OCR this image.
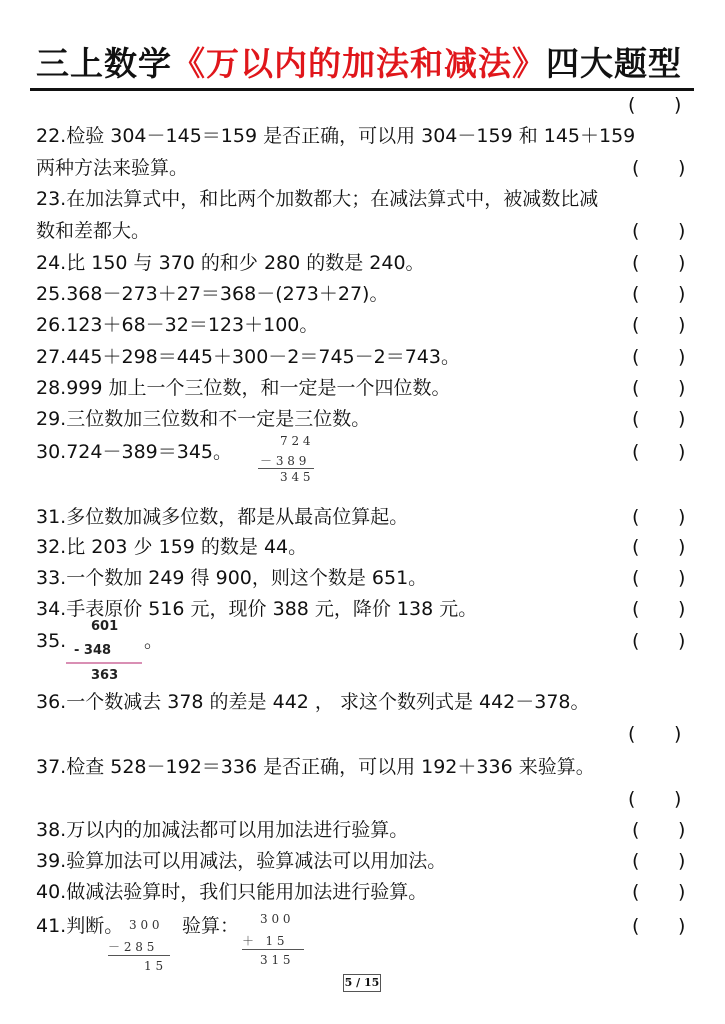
三上数学《万以内的加法和减法》四大题型
( )
22.检验 304－145＝159 是否正确，可以用 304－159 和 145＋159
两种方法来验算。	( )
23.在加法算式中，和比两个加数都大；在减法算式中，被减数比减
数和差都大。	( )
24.比 150 与 370 的和少 280 的数是 240。	( )
25.368－273＋27＝368－(273＋27)。	( )
26.123＋68－32＝123＋100。	( )
27.445＋298＝445＋300－2＝745－2＝743。	( )
28.999 加上一个三位数，和一定是一个四位数。	( )
29.三位数加三位数和不一定是三位数。	( )
30.724－389＝345。	( )
7 2 4
－ 3 8 9
3 4 5
31.多位数加减多位数，都是从最高位算起。	( )
32.比 203 少 159 的数是 44。	( )
33.一个数加 249 得 900，则这个数是 651。	( )
34.手表原价 516 元，现价 388 元，降价 138 元。	( )
35.	。	( )
601
- 348
363
36.一个数减去 378 的差是 442 ， 求这个数列式是 442－378。
( )
37.检查 528－192＝336 是否正确，可以用 192＋336 来验算。
( )
38.万以内的加减法都可以用加法进行验算。	( )
39.验算加法可以用减法，验算减法可以用加法。	( )
40.做减法验算时，我们只能用加法进行验算。	( )
41.判断。	验算：	( )
3 0 0
－ 2 8 5
1 5
3 0 0
＋   1 5
3 1 5
5 / 15
